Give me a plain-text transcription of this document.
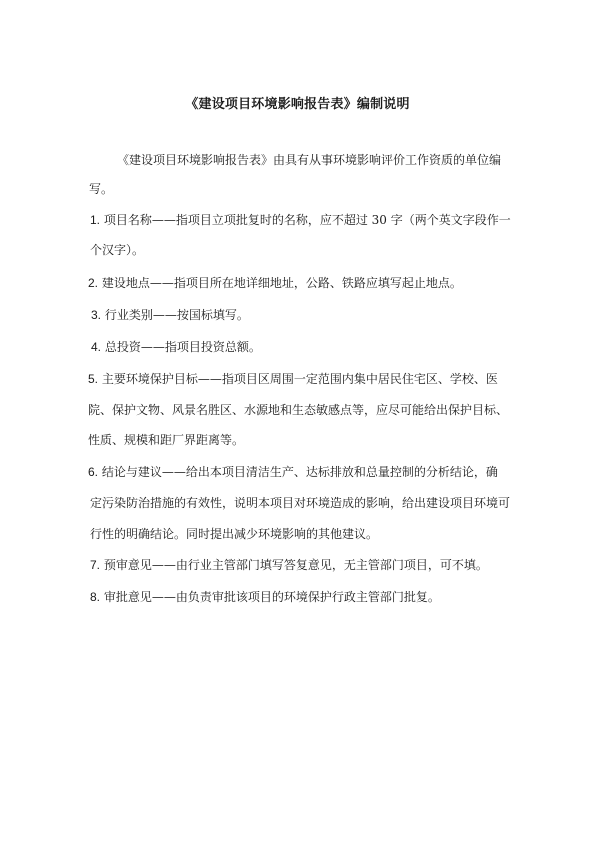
《建设项目环境影响报告表》编制说明
《建设项目环境影响报告表》由具有从事环境影响评价工作资质的单位编
写。
1. 项目名称——指项目立项批复时的名称，应不超过 30 字（两个英文字段作一
个汉字）。
2. 建设地点——指项目所在地详细地址，公路、铁路应填写起止地点。
3. 行业类别——按国标填写。
4. 总投资——指项目投资总额。
5. 主要环境保护目标——指项目区周围一定范围内集中居民住宅区、学校、医
院、保护文物、风景名胜区、水源地和生态敏感点等，应尽可能给出保护目标、
性质、规模和距厂界距离等。
6. 结论与建议——给出本项目清洁生产、达标排放和总量控制的分析结论，确
定污染防治措施的有效性，说明本项目对环境造成的影响，给出建设项目环境可
行性的明确结论。同时提出减少环境影响的其他建议。
7. 预审意见——由行业主管部门填写答复意见，无主管部门项目，可不填。
8. 审批意见——由负责审批该项目的环境保护行政主管部门批复。
